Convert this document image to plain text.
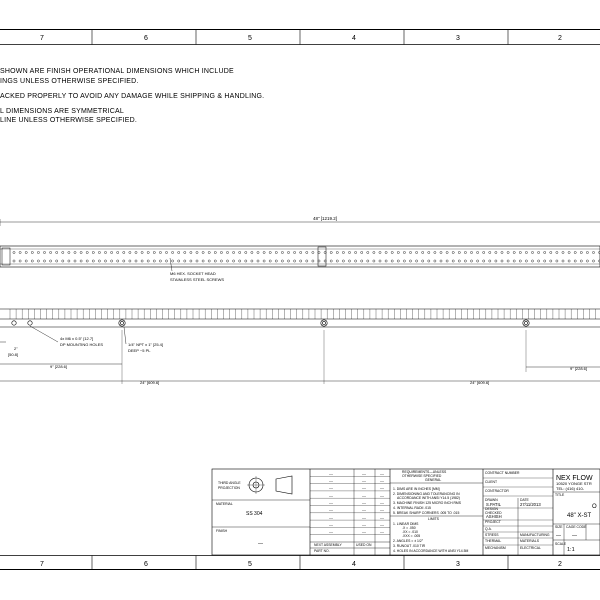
SHOWN ARE FINISH OPERATIONAL DIMENSIONS WHICH INCLUDE
INGS UNLESS OTHERWISE SPECIFIED.
ACKED PROPERLY TO AVOID ANY DAMAGE WHILE SHIPPING & HANDLING.
L DIMENSIONS ARE SYMMETRICAL
LINE UNLESS OTHERWISE SPECIFIED.
7	6	5	4	3	2
7	6	5	4	3	2
48" [1219.2]
M6 HEX. SOCKET HEAD
STAINLESS STEEL SCREWS
4x M6 x 0.5" [12.7]
DP MOUNTING HOLES	1/4" NPT x 1" [25.4]
DEEP ~5 PL
2"
[50.8]
9" [228.6]	9" [228.6]
24" [609.6]	24" [609.6]
THIRD ANGLE
PROJECTION
MATERIAL
SS 304
FINISH
—	NEXT ASSEMBLY	USED ON
PART NO.
REQUIREMENTS—UNLESS
OTHERWISE SPECIFIED
GENERAL
1. DIMS ARE IN INCHES [MM]
2. DIMENSIONING AND TOLERANCING IN
ACCORDANCE WITH ANSI Y14.5 (1982)
3. MACHINE FINISH 125 MICRO INCH RMS
4. INTERNAL RADII .015
5. BREAK SHARP CORNERS .005 TO .015
LIMITS
1. LINEAR DIMS
.X = .050
.XX = .010
.XXX = .005
2. ANGLES = ± 1/2°
3. RUNOUT .010 TIR
4. HOLES IN ACCORDANCE WITH ANSI Y14.5M
CONTRACT NUMBER
CLIENT
CONTRACTOR
DRAWN
S.PATIL
DATE
27/11/2013
DESIGN
CHECKED
ASHISH
PROJECT
Q.A.
STRESS	MANUFACTURING
THERMAL	MATERIALS
MECHANISM	ELECTRICAL
NEX FLOW
10520 YONGE STR
TEL: (416) 410-
TITLE
O
48" X-ST
SIZE CAGE CODE
— —
SCALE
1:1
—	—	—
—	—	—
—	—	—
—	—	—
—	—	—
—	—	—
—	—	—
—	—	—
—	—	—
